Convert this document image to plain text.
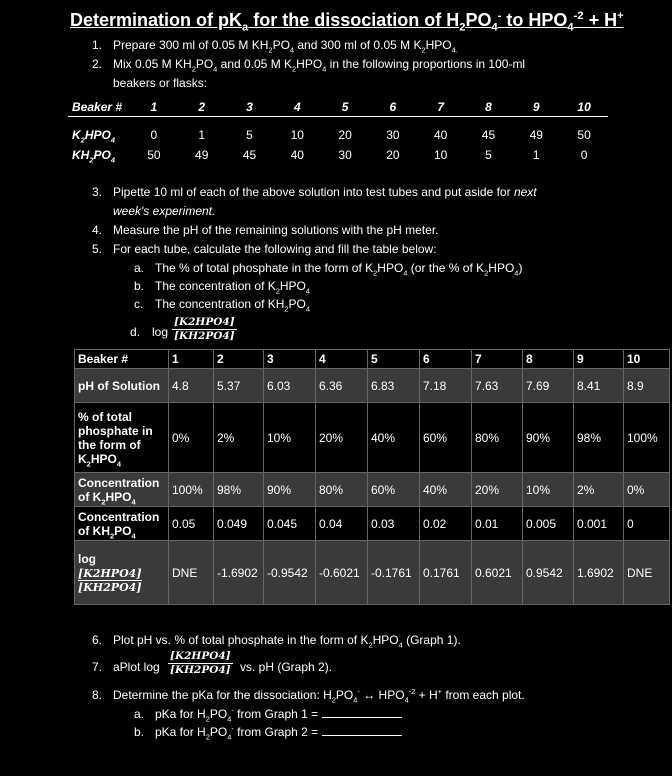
Determination of $pK_a$ for the dissociation of $H_2PO_4^-$ to $HPO_4^{-2} + H^+$
1. Prepare 300 ml of 0.05 M $KH_2PO_4$ and 300 ml of 0.05 M $K_2HPO_{4.}$
2. Mix 0.05 M $KH_2PO_4$ and 0.05 M $K_2HPO_4$ in the following proportions in 100-ml
beakers or flasks:
Beaker #	1	2	3	4	5	6	7	8	9	10

$K_2HPO_4$	0	1	5	10	20	30	40	45	49	50
$KH_2PO_4$	50	49	45	40	30	20	10	5	1	0
3. Pipette 10 ml of each of the above solution into test tubes and put aside for next
week's experiment.
4. Measure the pH of the remaining solutions with the pH meter.
5. For each tube, calculate the following and fill the table below:
a. The % of total phosphate in the form of $K_2HPO_4$ (or the % of $K_2HPO_4$)
b. The concentration of $K_2HPO_4$
c. The concentration of $KH_2PO_4$
d. $\log \frac{\text{[K2HPO4]}}{[KH2PO4]}$
Beaker #	1	2	3	4	5	6	7	8	9	10
pH of Solution	4.8	5.37	6.03	6.36	6.83	7.18	7.63	7.69	8.41	8.9
% of total phosphate in the form of $K_2HPO_4$	0%	2%	10%	20%	40%	60%	80%	90%	98%	100%
Concentration of $K_2HPO_4$	100%	98%	90%	80%	60%	40%	20%	10%	2%	0%
Concentration of $KH_2PO_4$	0.05	0.049	0.045	0.04	0.03	0.02	0.01	0.005	0.001	0
log
[K2HPO4]
[KH2PO4]	DNE	-1.6902	-0.9542	-0.6021	-0.1761	0.1761	0.6021	0.9542	1.6902	DNE
6. Plot pH vs. % of total phosphate in the form of $K_2HPO_4$ (Graph 1).
7. aPlot $\log \frac{\text{[K2HPO4]}}{[KH2PO4]}$ vs. pH (Graph 2).
8. Determine the pKa for the dissociation: $H_2PO_4^-$ ↔ $HPO_4^{-2} + H^+$ from each plot.
a. pKa for $H_2PO_4^-$ from Graph 1 =
b. pKa for $H_2PO_4^-$ from Graph 2 =
